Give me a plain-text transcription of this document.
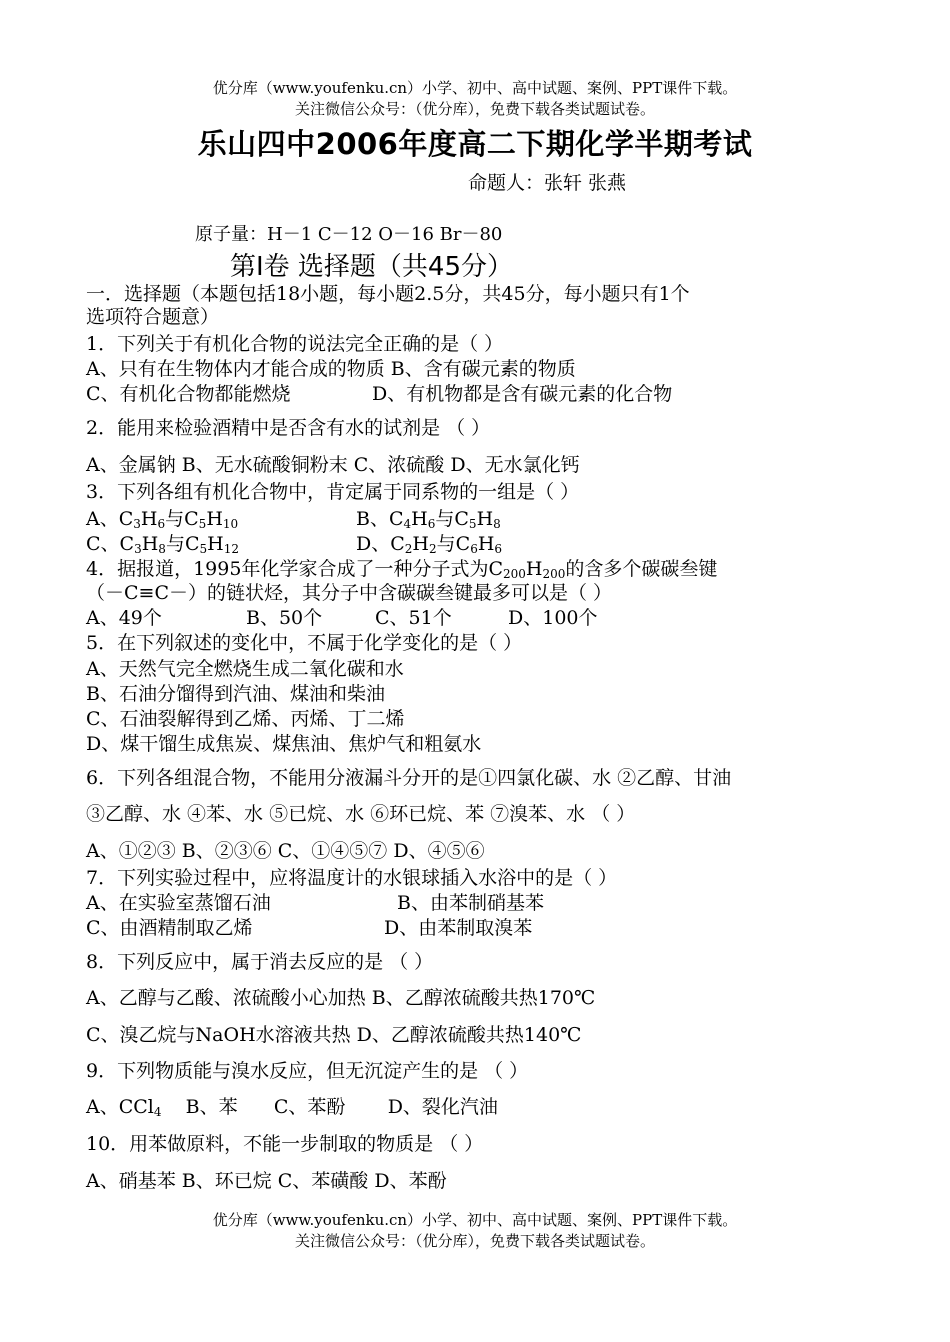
优分库（www.youfenku.cn）小学、初中、高中试题、案例、PPT课件下载。
关注微信公众号：（优分库），免费下载各类试题试卷。
乐山四中2006年度高二下期化学半期考试
命题人：张轩 张燕
原子量：H－1 C－12 O－16 Br－80
第Ⅰ卷 选择题（共45分）
一．选择题（本题包括18小题，每小题2.5分，共45分，每小题只有1个
选项符合题意）
1．下列关于有机化合物的说法完全正确的是（ ）
A、只有在生物体内才能合成的物质 B、含有碳元素的物质
C、有机化合物都能燃烧	D、有机物都是含有碳元素的化合物
2．能用来检验酒精中是否含有水的试剂是 （ ）
A、金属钠 B、无水硫酸铜粉末 C、浓硫酸 D、无水氯化钙
3．下列各组有机化合物中，肯定属于同系物的一组是（ ）
A、$C_3H_6$与$C_5H_{10}$	B、$C_4H_6$与$C_5H_8$
C、$C_3H_8$与$C_5H_{12}$	D、$C_2H_2$与$C_6H_6$
4．据报道，1995年化学家合成了一种分子式为$C_{200}H_{200}$的含多个碳碳叁键
（－C≡C－）的链状烃，其分子中含碳碳叁键最多可以是（ ）
A、49个	B、50个	C、51个	D、100个
5．在下列叙述的变化中，不属于化学变化的是（ ）
A、天然气完全燃烧生成二氧化碳和水
B、石油分馏得到汽油、煤油和柴油
C、石油裂解得到乙烯、丙烯、丁二烯
D、煤干馏生成焦炭、煤焦油、焦炉气和粗氨水
6．下列各组混合物，不能用分液漏斗分开的是①四氯化碳、水 ②乙醇、甘油
③乙醇、水 ④苯、水 ⑤已烷、水 ⑥环已烷、苯 ⑦溴苯、水 （ ）
A、①②③ B、②③⑥ C、①④⑤⑦ D、④⑤⑥
7．下列实验过程中，应将温度计的水银球插入水浴中的是（ ）
A、在实验室蒸馏石油	B、由苯制硝基苯
C、由酒精制取乙烯	D、由苯制取溴苯
8．下列反应中，属于消去反应的是 （ ）
A、乙醇与乙酸、浓硫酸小心加热 B、乙醇浓硫酸共热170℃
C、溴乙烷与NaOH水溶液共热 D、乙醇浓硫酸共热140℃
9．下列物质能与溴水反应，但无沉淀产生的是 （ ）
A、CCl$_4$    B、苯      C、苯酚       D、裂化汽油
10．用苯做原料，不能一步制取的物质是 （ ）
A、硝基苯 B、环已烷 C、苯磺酸 D、苯酚
优分库（www.youfenku.cn）小学、初中、高中试题、案例、PPT课件下载。
关注微信公众号：（优分库），免费下载各类试题试卷。
